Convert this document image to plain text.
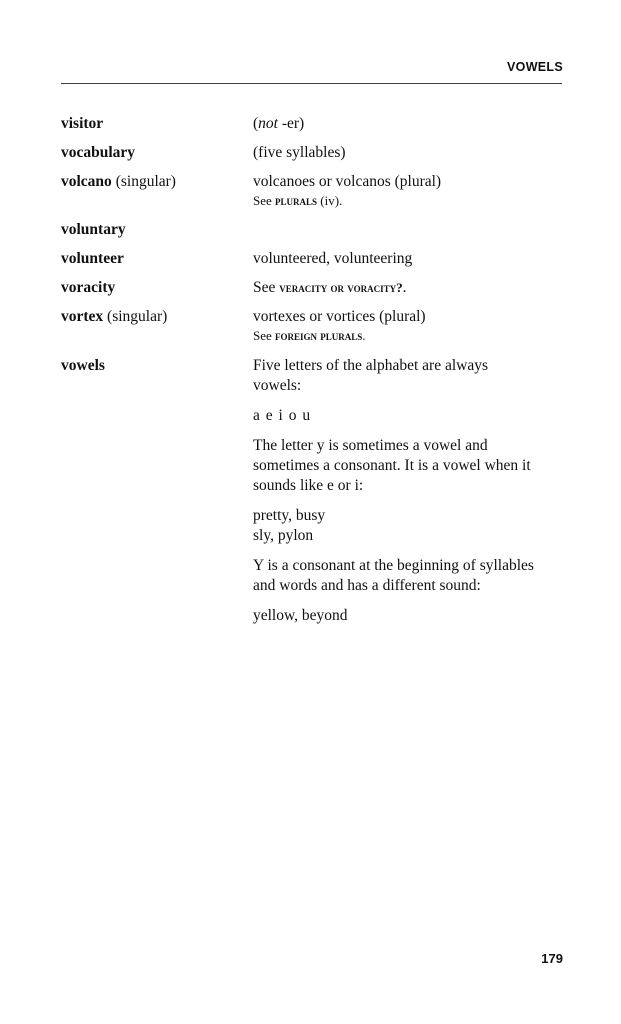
VOWELS
visitor	(not -er)

vocabulary	(five syllables)

volcano (singular)	volcanoes or volcanos (plural)

See plurals (iv).

voluntary
volunteer	volunteered, volunteering

voracity	See veracity or voracity?.

vortex (singular)	vortexes or vortices (plural)

See foreign plurals.

vowels	Five letters of the alphabet are always vowels:

a e i o u

The letter y is sometimes a vowel and sometimes a consonant. It is a vowel when it sounds like e or i:

pretty, busy

sly, pylon

Y is a consonant at the beginning of syllables and words and has a different sound:

yellow, beyond

179
